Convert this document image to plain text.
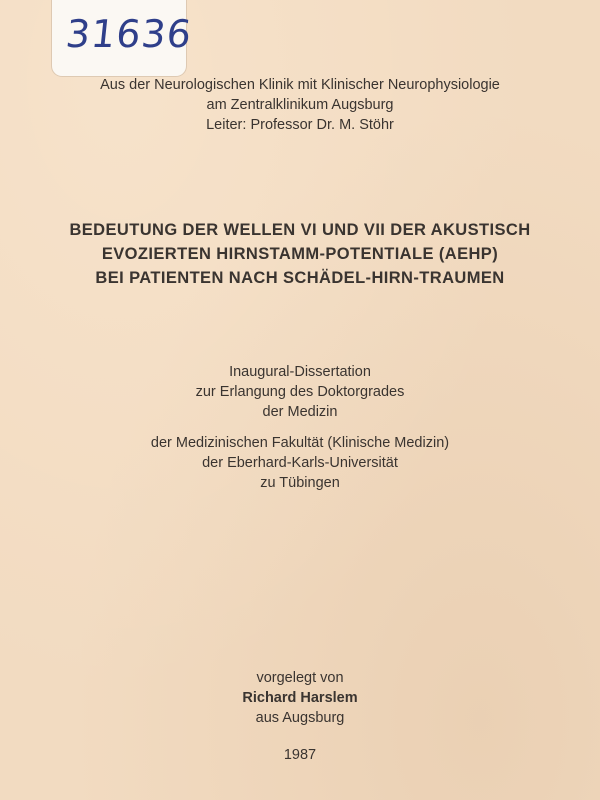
31636
Aus der Neurologischen Klinik mit Klinischer Neurophysiologie
am Zentralklinikum Augsburg
Leiter: Professor Dr. M. Stöhr
BEDEUTUNG DER WELLEN VI UND VII DER AKUSTISCH
EVOZIERTEN HIRNSTAMM-POTENTIALE (AEHP)
BEI PATIENTEN NACH SCHÄDEL-HIRN-TRAUMEN
Inaugural-Dissertation
zur Erlangung des Doktorgrades
der Medizin
der Medizinischen Fakultät (Klinische Medizin)
der Eberhard-Karls-Universität
zu Tübingen
vorgelegt von
Richard Harslem
aus Augsburg
1987
